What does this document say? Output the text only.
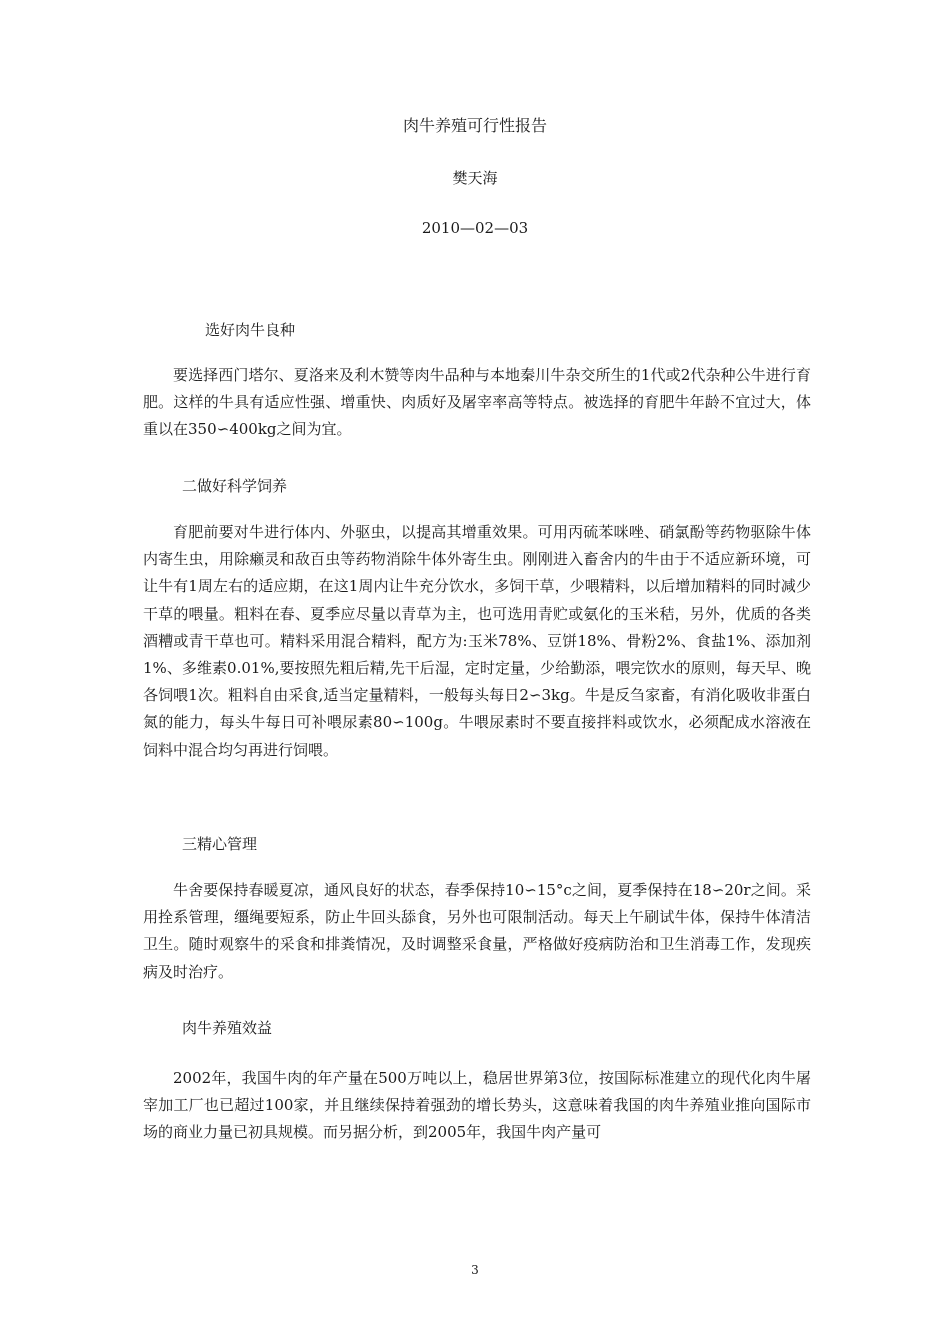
肉牛养殖可行性报告
樊天海
2010—02—03
选好肉牛良种

要选择西门塔尔、夏洛来及利木赞等肉牛品种与本地秦川牛杂交所生的1代或2代杂种公牛进行育肥。这样的牛具有适应性强、增重快、肉质好及屠宰率高等特点。被选择的育肥牛年龄不宜过大，体重以在350∽400kg之间为宜。

二做好科学饲养

育肥前要对牛进行体内、外驱虫，以提高其增重效果。可用丙硫苯咪唑、硝氯酚等药物驱除牛体内寄生虫，用除癞灵和敌百虫等药物消除牛体外寄生虫。刚刚进入畜舍内的牛由于不适应新环境，可让牛有1周左右的适应期，在这1周内让牛充分饮水，多饲干草，少喂精料，以后增加精料的同时减少干草的喂量。粗料在春、夏季应尽量以青草为主，也可选用青贮或氨化的玉米秸，另外，优质的各类酒糟或青干草也可。精料采用混合精料，配方为:玉米78%、豆饼18%、骨粉2%、食盐1%、添加剂1%、多维素0.01%,要按照先粗后精,先干后湿，定时定量，少给勤添，喂完饮水的原则，每天早、晚各饲喂1次。粗料自由采食,适当定量精料，一般每头每日2∽3kg。牛是反刍家畜，有消化吸收非蛋白氮的能力，每头牛每日可补喂尿素80∽100g。牛喂尿素时不要直接拌料或饮水，必须配成水溶液在饲料中混合均匀再进行饲喂。

三精心管理

牛舍要保持春暖夏凉，通风良好的状态，春季保持10∽15°c之间，夏季保持在18∽20r之间。采用拴系管理，缰绳要短系，防止牛回头舔食，另外也可限制活动。每天上午刷试牛体，保持牛体清洁卫生。随时观察牛的采食和排粪情况，及时调整采食量，严格做好疫病防治和卫生消毒工作，发现疾病及时治疗。

肉牛养殖效益

2002年，我国牛肉的年产量在500万吨以上，稳居世界第3位，按国际标准建立的现代化肉牛屠宰加工厂也已超过100家，并且继续保持着强劲的增长势头，这意味着我国的肉牛养殖业推向国际市场的商业力量已初具规模。而另据分析，到2005年，我国牛肉产量可

3
